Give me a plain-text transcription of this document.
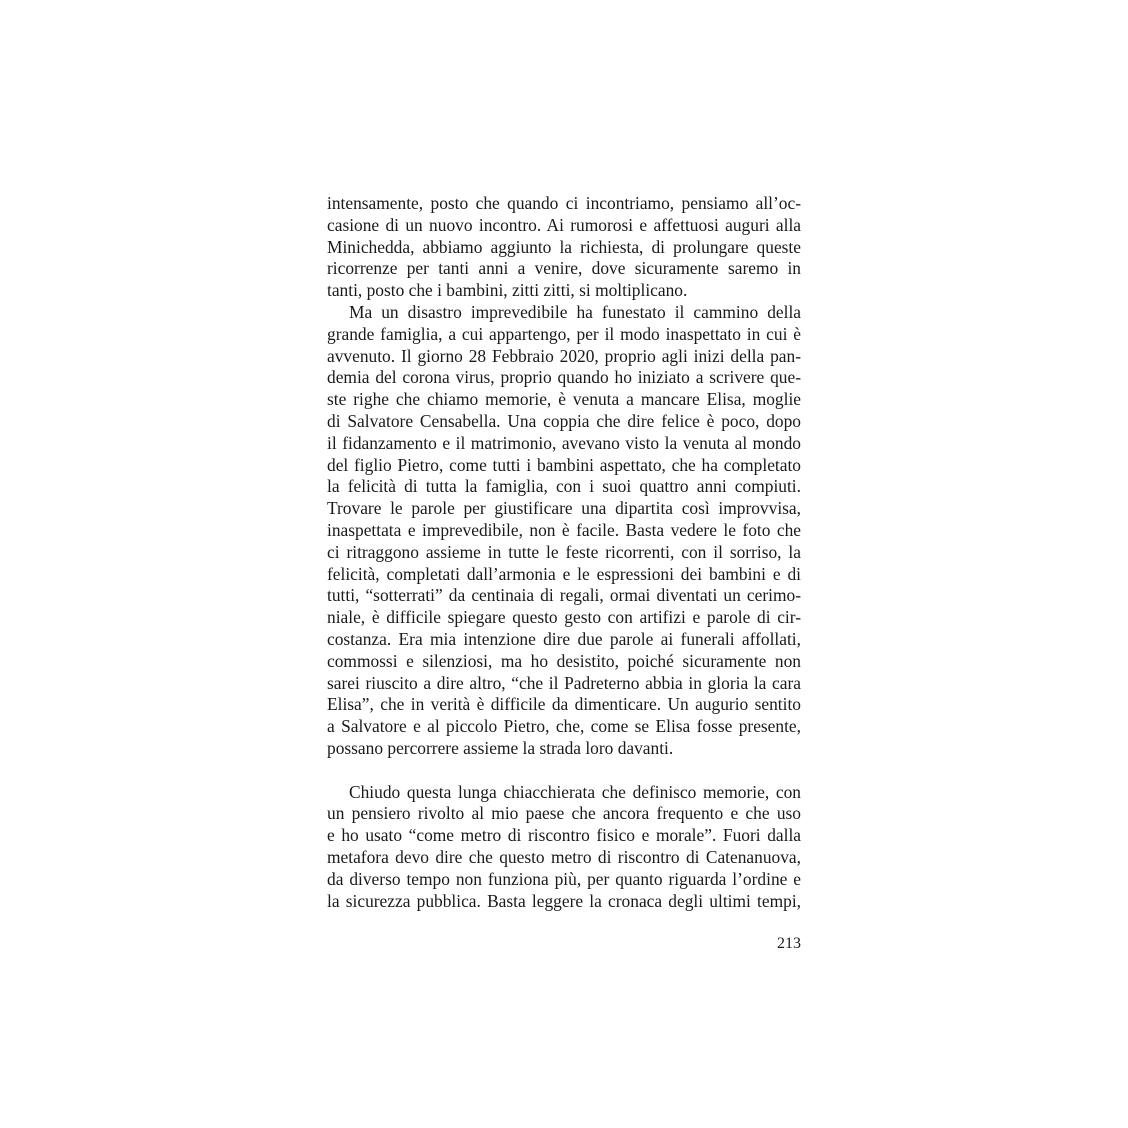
intensamente, posto che quando ci incontriamo, pensiamo all’oc-
casione di un nuovo incontro. Ai rumorosi e affettuosi auguri alla
Minichedda, abbiamo aggiunto la richiesta, di prolungare queste
ricorrenze per tanti anni a venire, dove sicuramente saremo in
tanti, posto che i bambini, zitti zitti, si moltiplicano.
Ma un disastro imprevedibile ha funestato il cammino della
grande famiglia, a cui appartengo, per il modo inaspettato in cui è
avvenuto. Il giorno 28 Febbraio 2020, proprio agli inizi della pan-
demia del corona virus, proprio quando ho iniziato a scrivere que-
ste righe che chiamo memorie, è venuta a mancare Elisa, moglie
di Salvatore Censabella. Una coppia che dire felice è poco, dopo
il fidanzamento e il matrimonio, avevano visto la venuta al mondo
del figlio Pietro, come tutti i bambini aspettato, che ha completato
la felicità di tutta la famiglia, con i suoi quattro anni compiuti.
Trovare le parole per giustificare una dipartita così improvvisa,
inaspettata e imprevedibile, non è facile. Basta vedere le foto che
ci ritraggono assieme in tutte le feste ricorrenti, con il sorriso, la
felicità, completati dall’armonia e le espressioni dei bambini e di
tutti, “sotterrati” da centinaia di regali, ormai diventati un cerimo-
niale, è difficile spiegare questo gesto con artifizi e parole di cir-
costanza. Era mia intenzione dire due parole ai funerali affollati,
commossi e silenziosi, ma ho desistito, poiché sicuramente non
sarei riuscito a dire altro, “che il Padreterno abbia in gloria la cara
Elisa”, che in verità è difficile da dimenticare. Un augurio sentito
a Salvatore e al piccolo Pietro, che, come se Elisa fosse presente,
possano percorrere assieme la strada loro davanti.
Chiudo questa lunga chiacchierata che definisco memorie, con
un pensiero rivolto al mio paese che ancora frequento e che uso
e ho usato “come metro di riscontro fisico e morale”. Fuori dalla
metafora devo dire che questo metro di riscontro di Catenanuova,
da diverso tempo non funziona più, per quanto riguarda l’ordine e
la sicurezza pubblica. Basta leggere la cronaca degli ultimi tempi,
213
